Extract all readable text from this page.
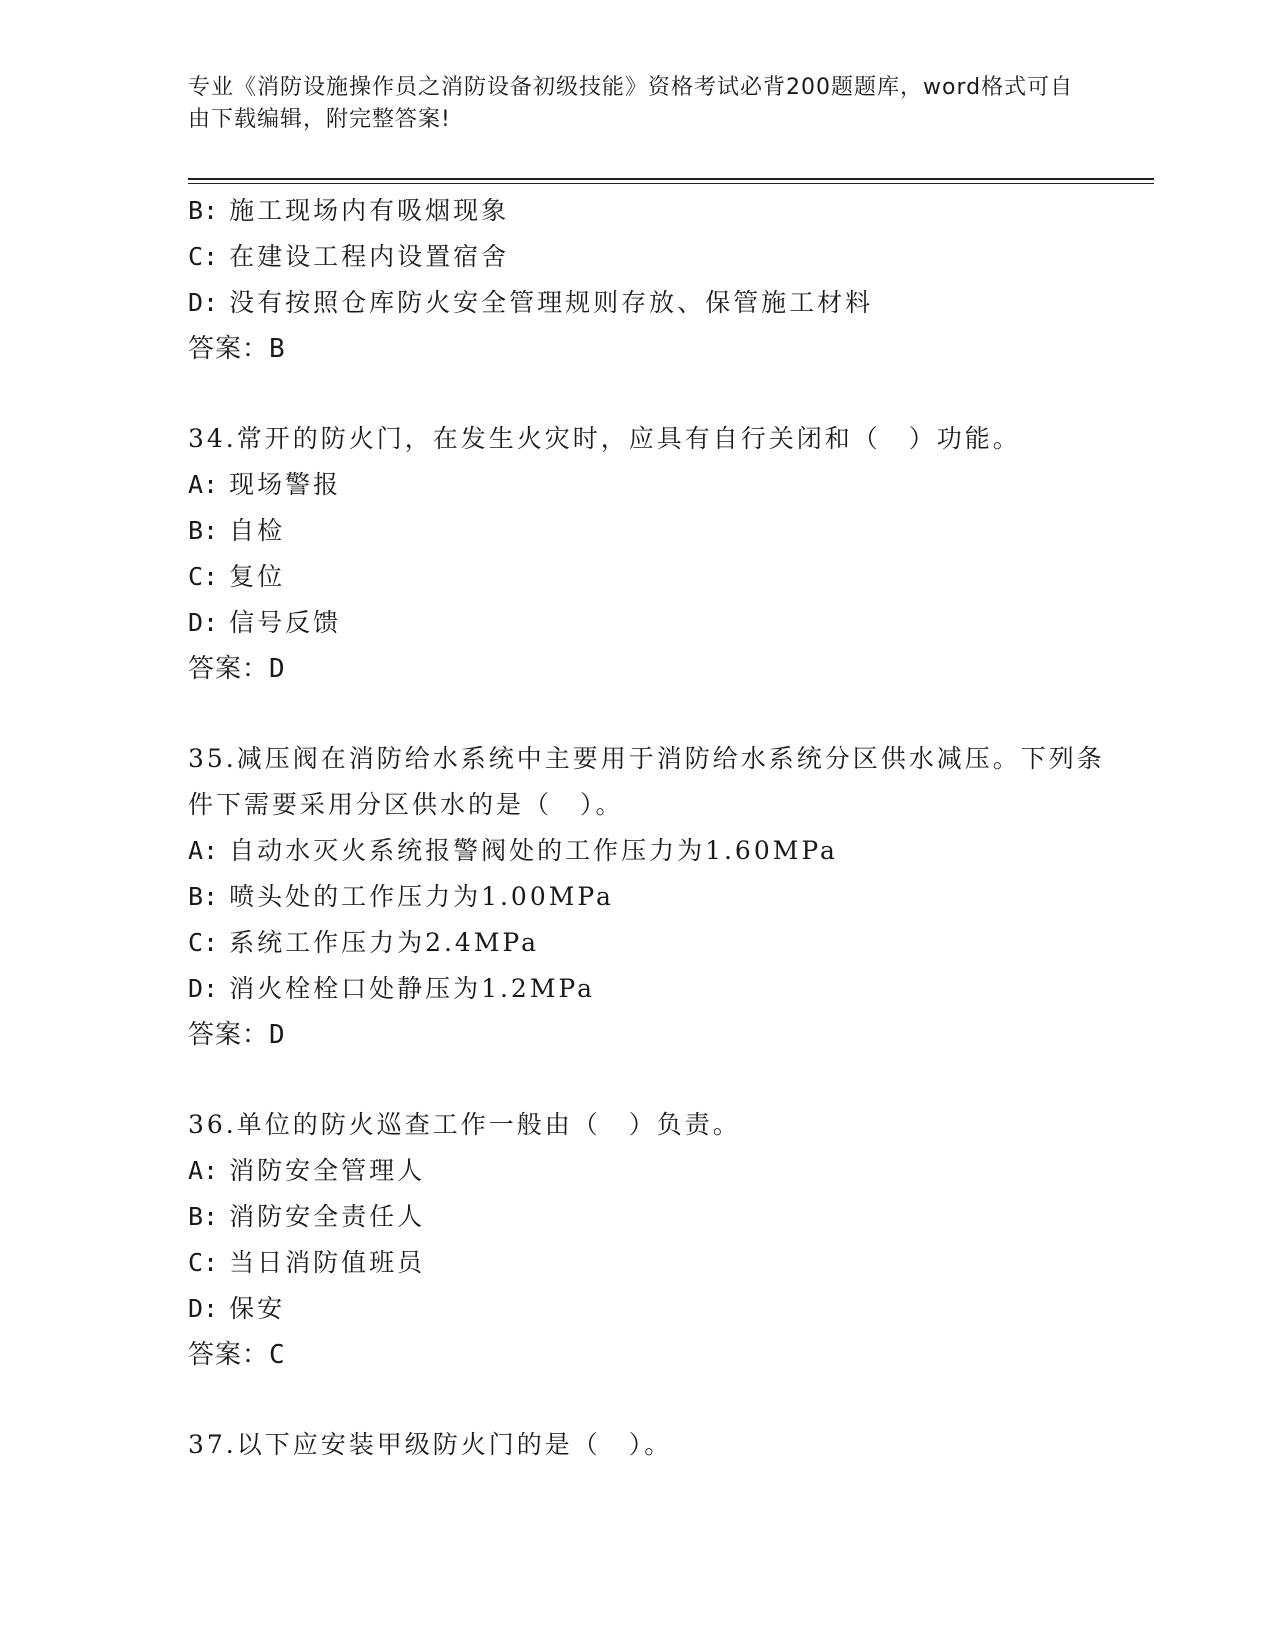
专业《消防设施操作员之消防设备初级技能》资格考试必背200题题库，word格式可自由下载编辑，附完整答案!
B: 施工现场内有吸烟现象
C: 在建设工程内设置宿舍
D: 没有按照仓库防火安全管理规则存放、保管施工材料
答案：B
34.常开的防火门，在发生火灾时，应具有自行关闭和（　）功能。
A: 现场警报
B: 自检
C: 复位
D: 信号反馈
答案：D
35.减压阀在消防给水系统中主要用于消防给水系统分区供水减压。下列条件下需要采用分区供水的是（　）。
A: 自动水灭火系统报警阀处的工作压力为1.60MPa
B: 喷头处的工作压力为1.00MPa
C: 系统工作压力为2.4MPa
D: 消火栓栓口处静压为1.2MPa
答案：D
36.单位的防火巡查工作一般由（　）负责。
A: 消防安全管理人
B: 消防安全责任人
C: 当日消防值班员
D: 保安
答案：C
37.以下应安装甲级防火门的是（　）。
